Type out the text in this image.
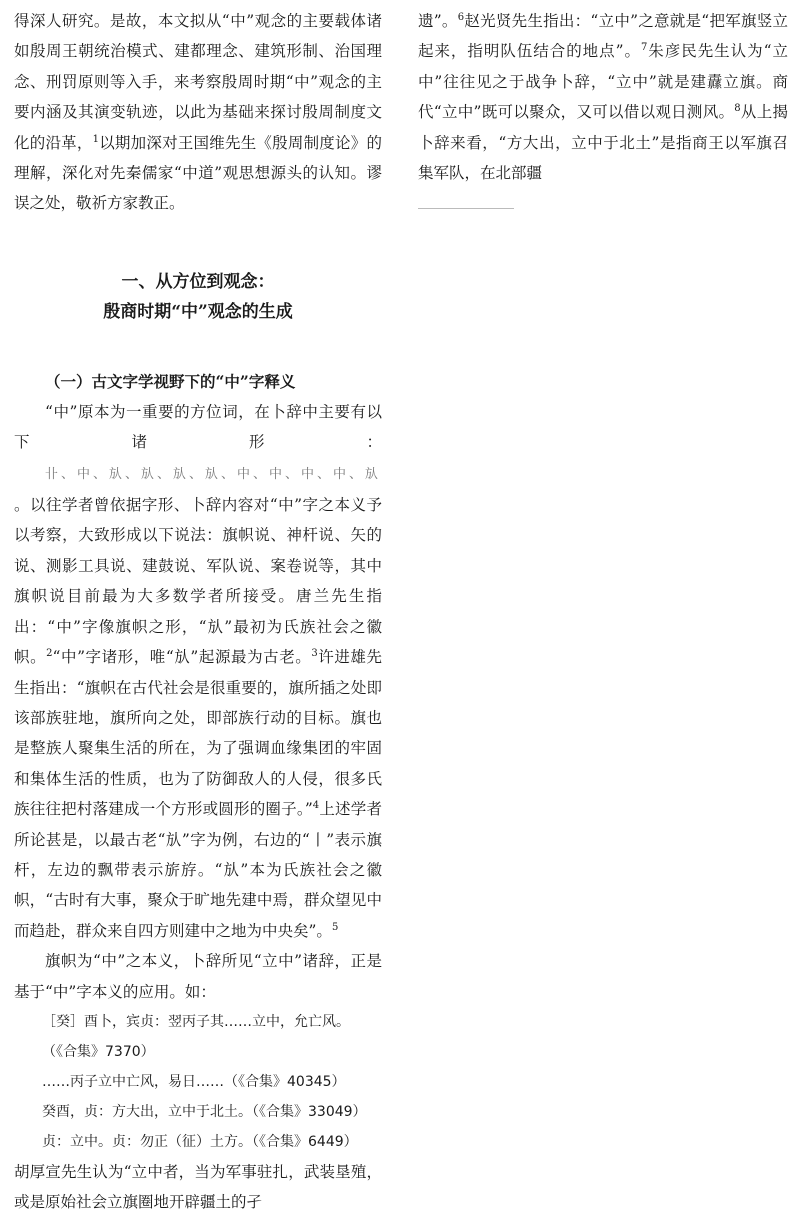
得深人研究。是故，本文拟从“中”观念的主要载体诸如殷周王朝统治模式、建都理念、建筑形制、治国理念、刑罚原则等入手，来考察殷周时期“中”观念的主要内涵及其演变轨迹，以此为基础来探讨殷周制度文化的沿革，$^1$以期加深对王国维先生《殷周制度论》的理解，深化对先秦儒家“中道”观思想源头的认知。谬误之处，敬祈方家教正。

一、从方位到观念：
殷商时期“中”观念的生成
（一）古文字学视野下的“中”字释义

“中”原本为一重要的方位词，在卜辞中主要有以下诸形：卝、中、㫃、㫃、㫃、㫃、中、中、中、中、㫃。以往学者曾依据字形、卜辞内容对“中”字之本义予以考察，大致形成以下说法：旗帜说、神杆说、矢的说、测影工具说、建鼓说、军队说、案卷说等，其中旗帜说目前最为大多数学者所接受。唐兰先生指出：“中”字像旗帜之形，“㫃”最初为氏族社会之徽帜。$^2$“中”字诸形，唯“㫃”起源最为古老。$^3$许进雄先生指出：“旗帜在古代社会是很重要的，旗所插之处即该部族驻地，旗所向之处，即部族行动的目标。旗也是整族人聚集生活的所在，为了强调血缘集团的牢固和集体生活的性质，也为了防御敌人的人侵，很多氏族往往把村落建成一个方形或圆形的圈子。”$^4$上述学者所论甚是，以最古老“㫃”字为例，右边的“丨”表示旗杆，左边的飘带表示旂斿。“㫃”本为氏族社会之徽帜，“古时有大事，聚众于旷地先建中焉，群众望见中而趋赴，群众来自四方则建中之地为中央矣”。$^5$

旗帜为“中”之本义，卜辞所见“立中”诸辞，正是基于“中”字本义的应用。如：

［癸］酉卜，宾贞：翌丙子其……立中，允亡风。
（《合集》7370）

……丙子立中亡风，易日……（《合集》40345）

癸酉，贞：方大出，立中于北土。（《合集》33049）

贞：立中。贞：勿正（征）土方。（《合集》6449）

胡厚宣先生认为“立中者，当为军事驻扎，武装垦殖，或是原始社会立旗圈地开辟疆土的孑

遗”。$^6$赵光贤先生指出：“立中”之意就是“把军旗竖立起来，指明队伍结合的地点”。$^7$朱彦民先生认为“立中”往往见之于战争卜辞，“立中”就是建纛立旗。商代“立中”既可以聚众，又可以借以观日测风。$^8$从上揭卜辞来看，“方大出，立中于北土”是指商王以军旗召集军队，在北部疆
